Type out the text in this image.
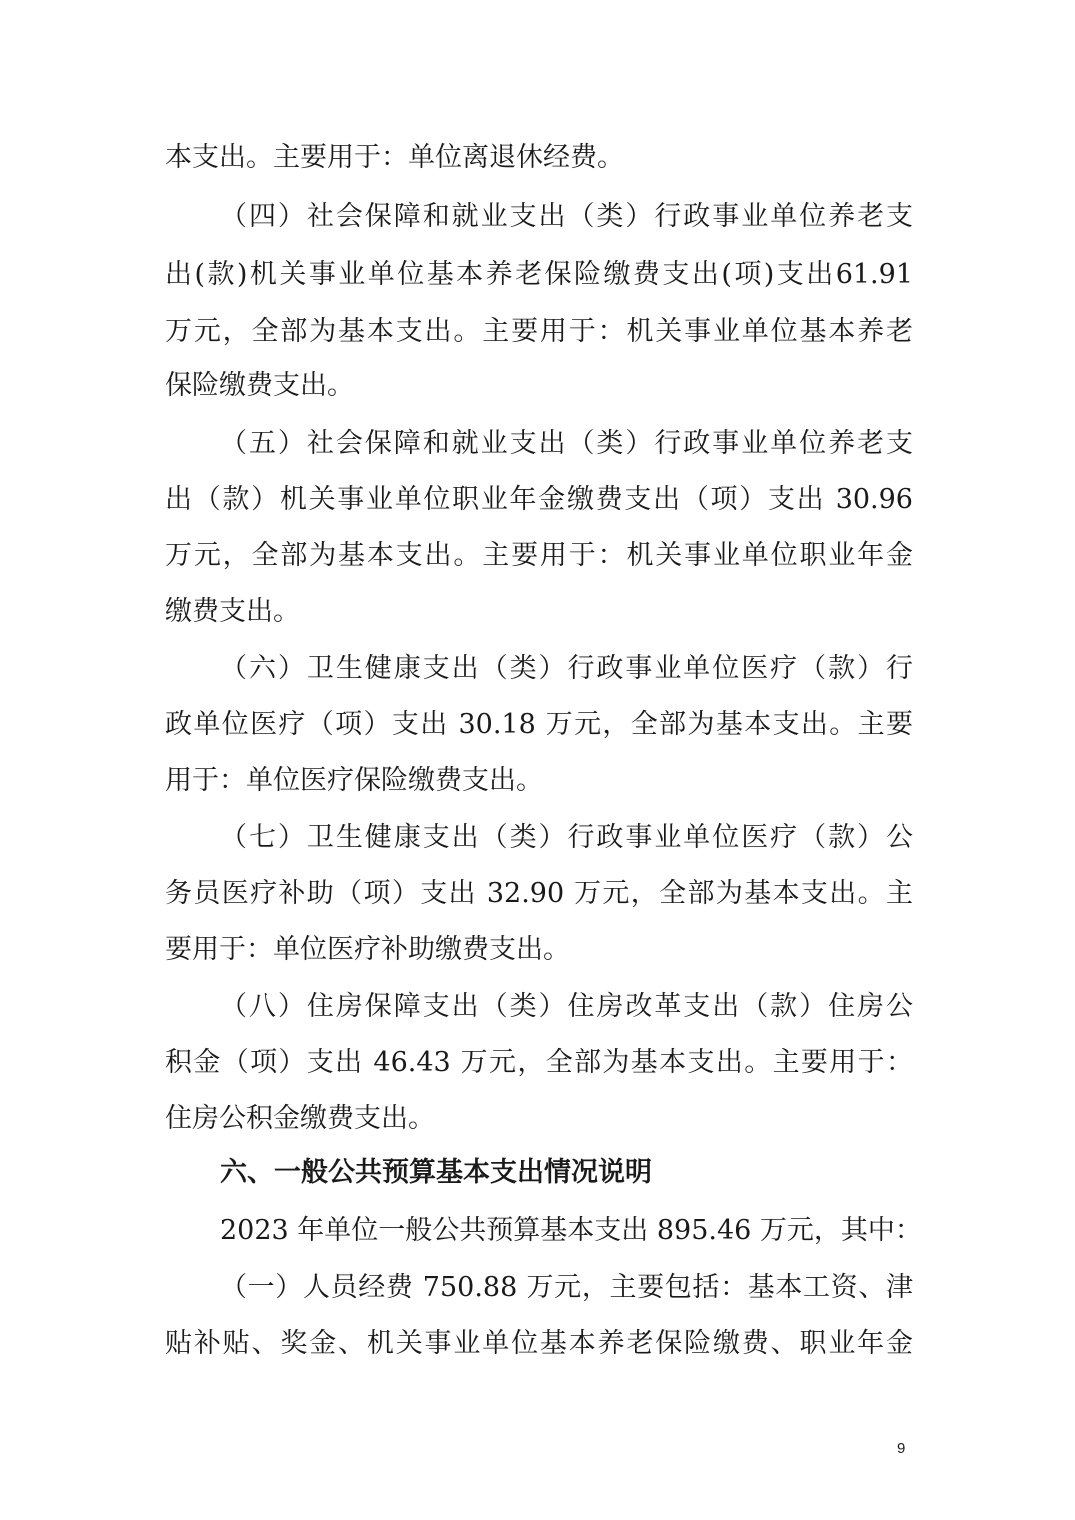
本支出。主要用于：单位离退休经费。
（四）社会保障和就业支出（类）行政事业单位养老支
出(款)机关事业单位基本养老保险缴费支出(项)支出61.91
万元，全部为基本支出。主要用于：机关事业单位基本养老
保险缴费支出。
（五）社会保障和就业支出（类）行政事业单位养老支
出（款）机关事业单位职业年金缴费支出（项）支出 30.96
万元，全部为基本支出。主要用于：机关事业单位职业年金
缴费支出。
（六）卫生健康支出（类）行政事业单位医疗（款）行
政单位医疗（项）支出 30.18 万元，全部为基本支出。主要
用于：单位医疗保险缴费支出。
（七）卫生健康支出（类）行政事业单位医疗（款）公
务员医疗补助（项）支出 32.90 万元，全部为基本支出。主
要用于：单位医疗补助缴费支出。
（八）住房保障支出（类）住房改革支出（款）住房公
积金（项）支出 46.43 万元，全部为基本支出。主要用于：
住房公积金缴费支出。
六、一般公共预算基本支出情况说明
2023 年单位一般公共预算基本支出 895.46 万元，其中：
（一）人员经费 750.88 万元，主要包括：基本工资、津
贴补贴、奖金、机关事业单位基本养老保险缴费、职业年金
9
